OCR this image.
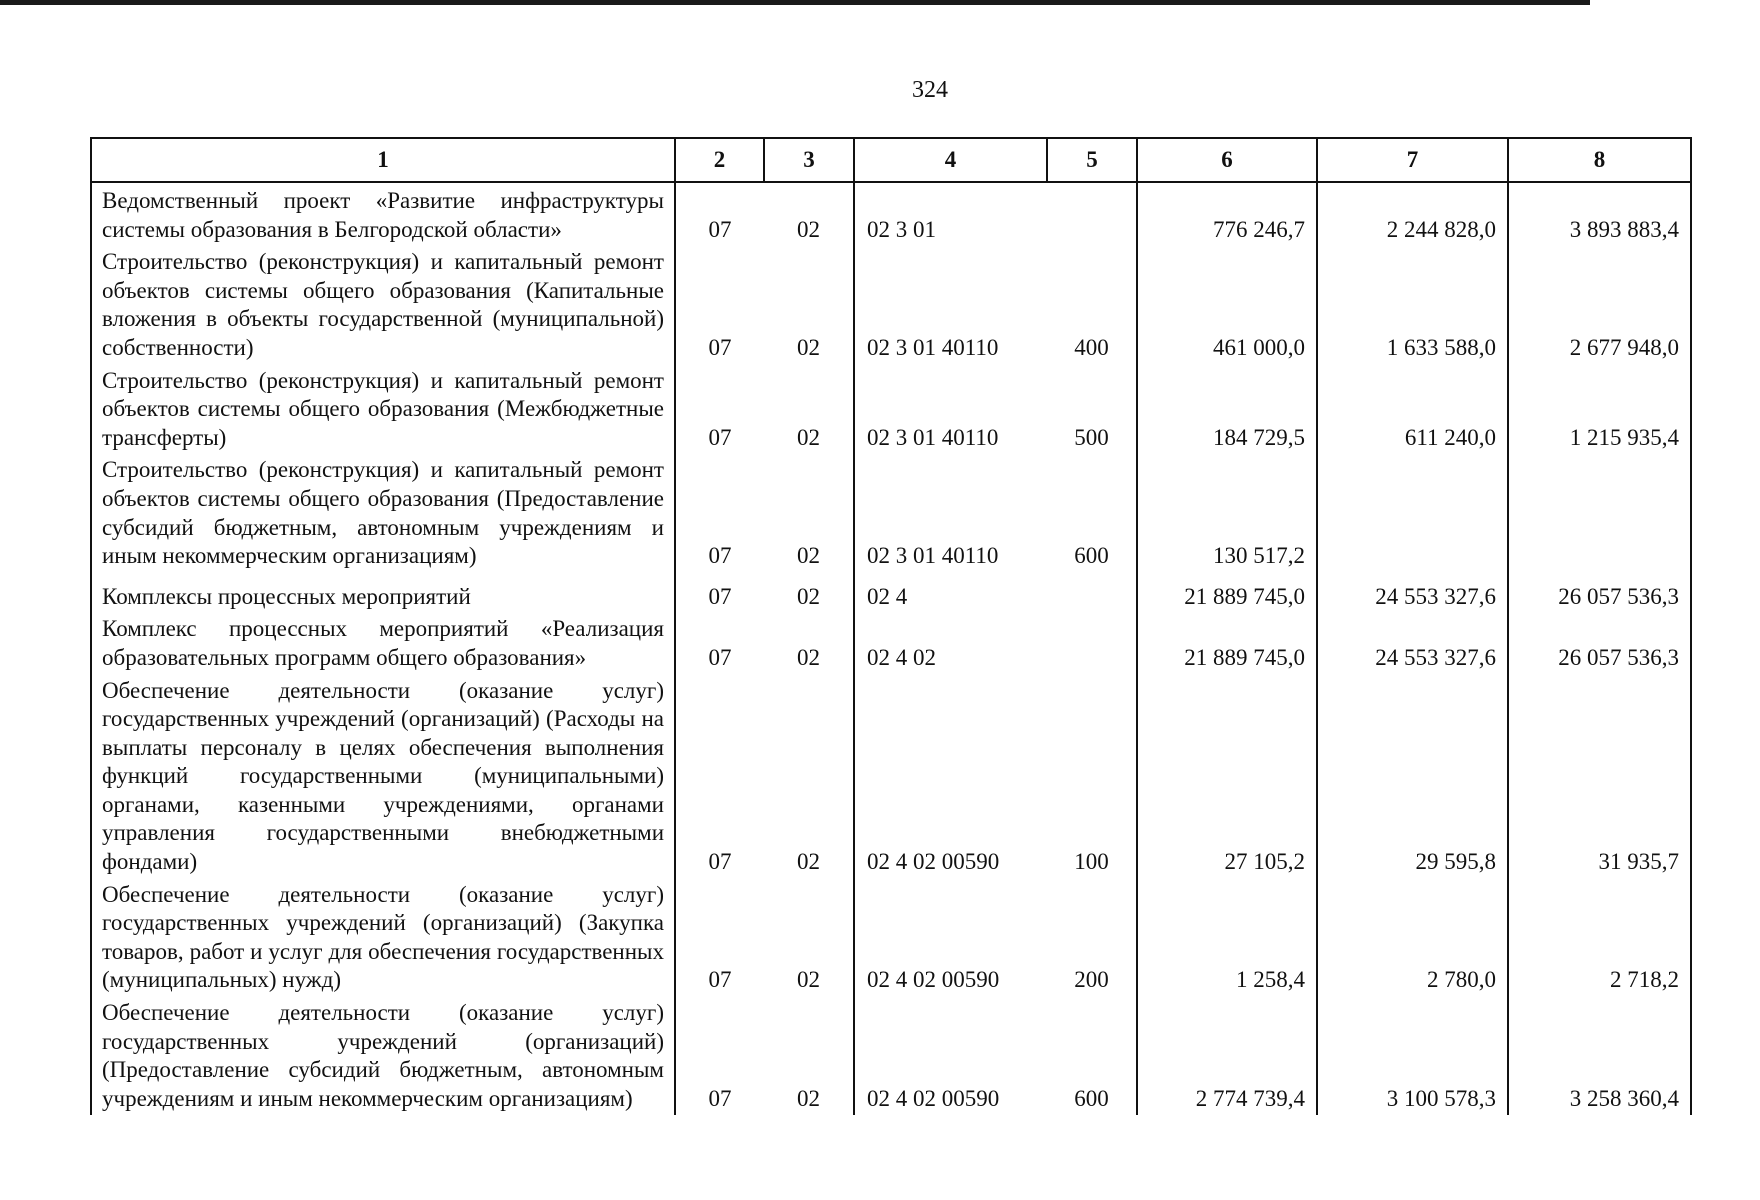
324
1	2	3	4	5	6	7	8
Ведомственный проект «Развитие инфраструктуры системы образования в Белгородской области»	07	02	02 3 01		776 246,7	2 244 828,0	3 893 883,4
Строительство (реконструкция) и капитальный ремонт объектов системы общего образования (Капитальные вложения в объекты государственной (муниципальной) собственности)	07	02	02 3 01 40110	400	461 000,0	1 633 588,0	2 677 948,0
Строительство (реконструкция) и капитальный ремонт объектов системы общего образования (Межбюджетные трансферты)	07	02	02 3 01 40110	500	184 729,5	611 240,0	1 215 935,4
Строительство (реконструкция) и капитальный ремонт объектов системы общего образования (Предоставление субсидий бюджетным, автономным учреждениям и иным некоммерческим организациям)	07	02	02 3 01 40110	600	130 517,2		
Комплексы процессных мероприятий	07	02	02 4		21 889 745,0	24 553 327,6	26 057 536,3
Комплекс процессных мероприятий «Реализация образовательных программ общего образования»	07	02	02 4 02		21 889 745,0	24 553 327,6	26 057 536,3
Обеспечение деятельности (оказание услуг) государственных учреждений (организаций) (Расходы на выплаты персоналу в целях обеспечения выполнения функций государственными (муниципальными) органами, казенными учреждениями, органами управления государственными внебюджетными фондами)	07	02	02 4 02 00590	100	27 105,2	29 595,8	31 935,7
Обеспечение деятельности (оказание услуг) государственных учреждений (организаций) (Закупка товаров, работ и услуг для обеспечения государственных (муниципальных) нужд)	07	02	02 4 02 00590	200	1 258,4	2 780,0	2 718,2
Обеспечение деятельности (оказание услуг) государственных учреждений (организаций) (Предоставление субсидий бюджетным, автономным учреждениям и иным некоммерческим организациям)	07	02	02 4 02 00590	600	2 774 739,4	3 100 578,3	3 258 360,4
